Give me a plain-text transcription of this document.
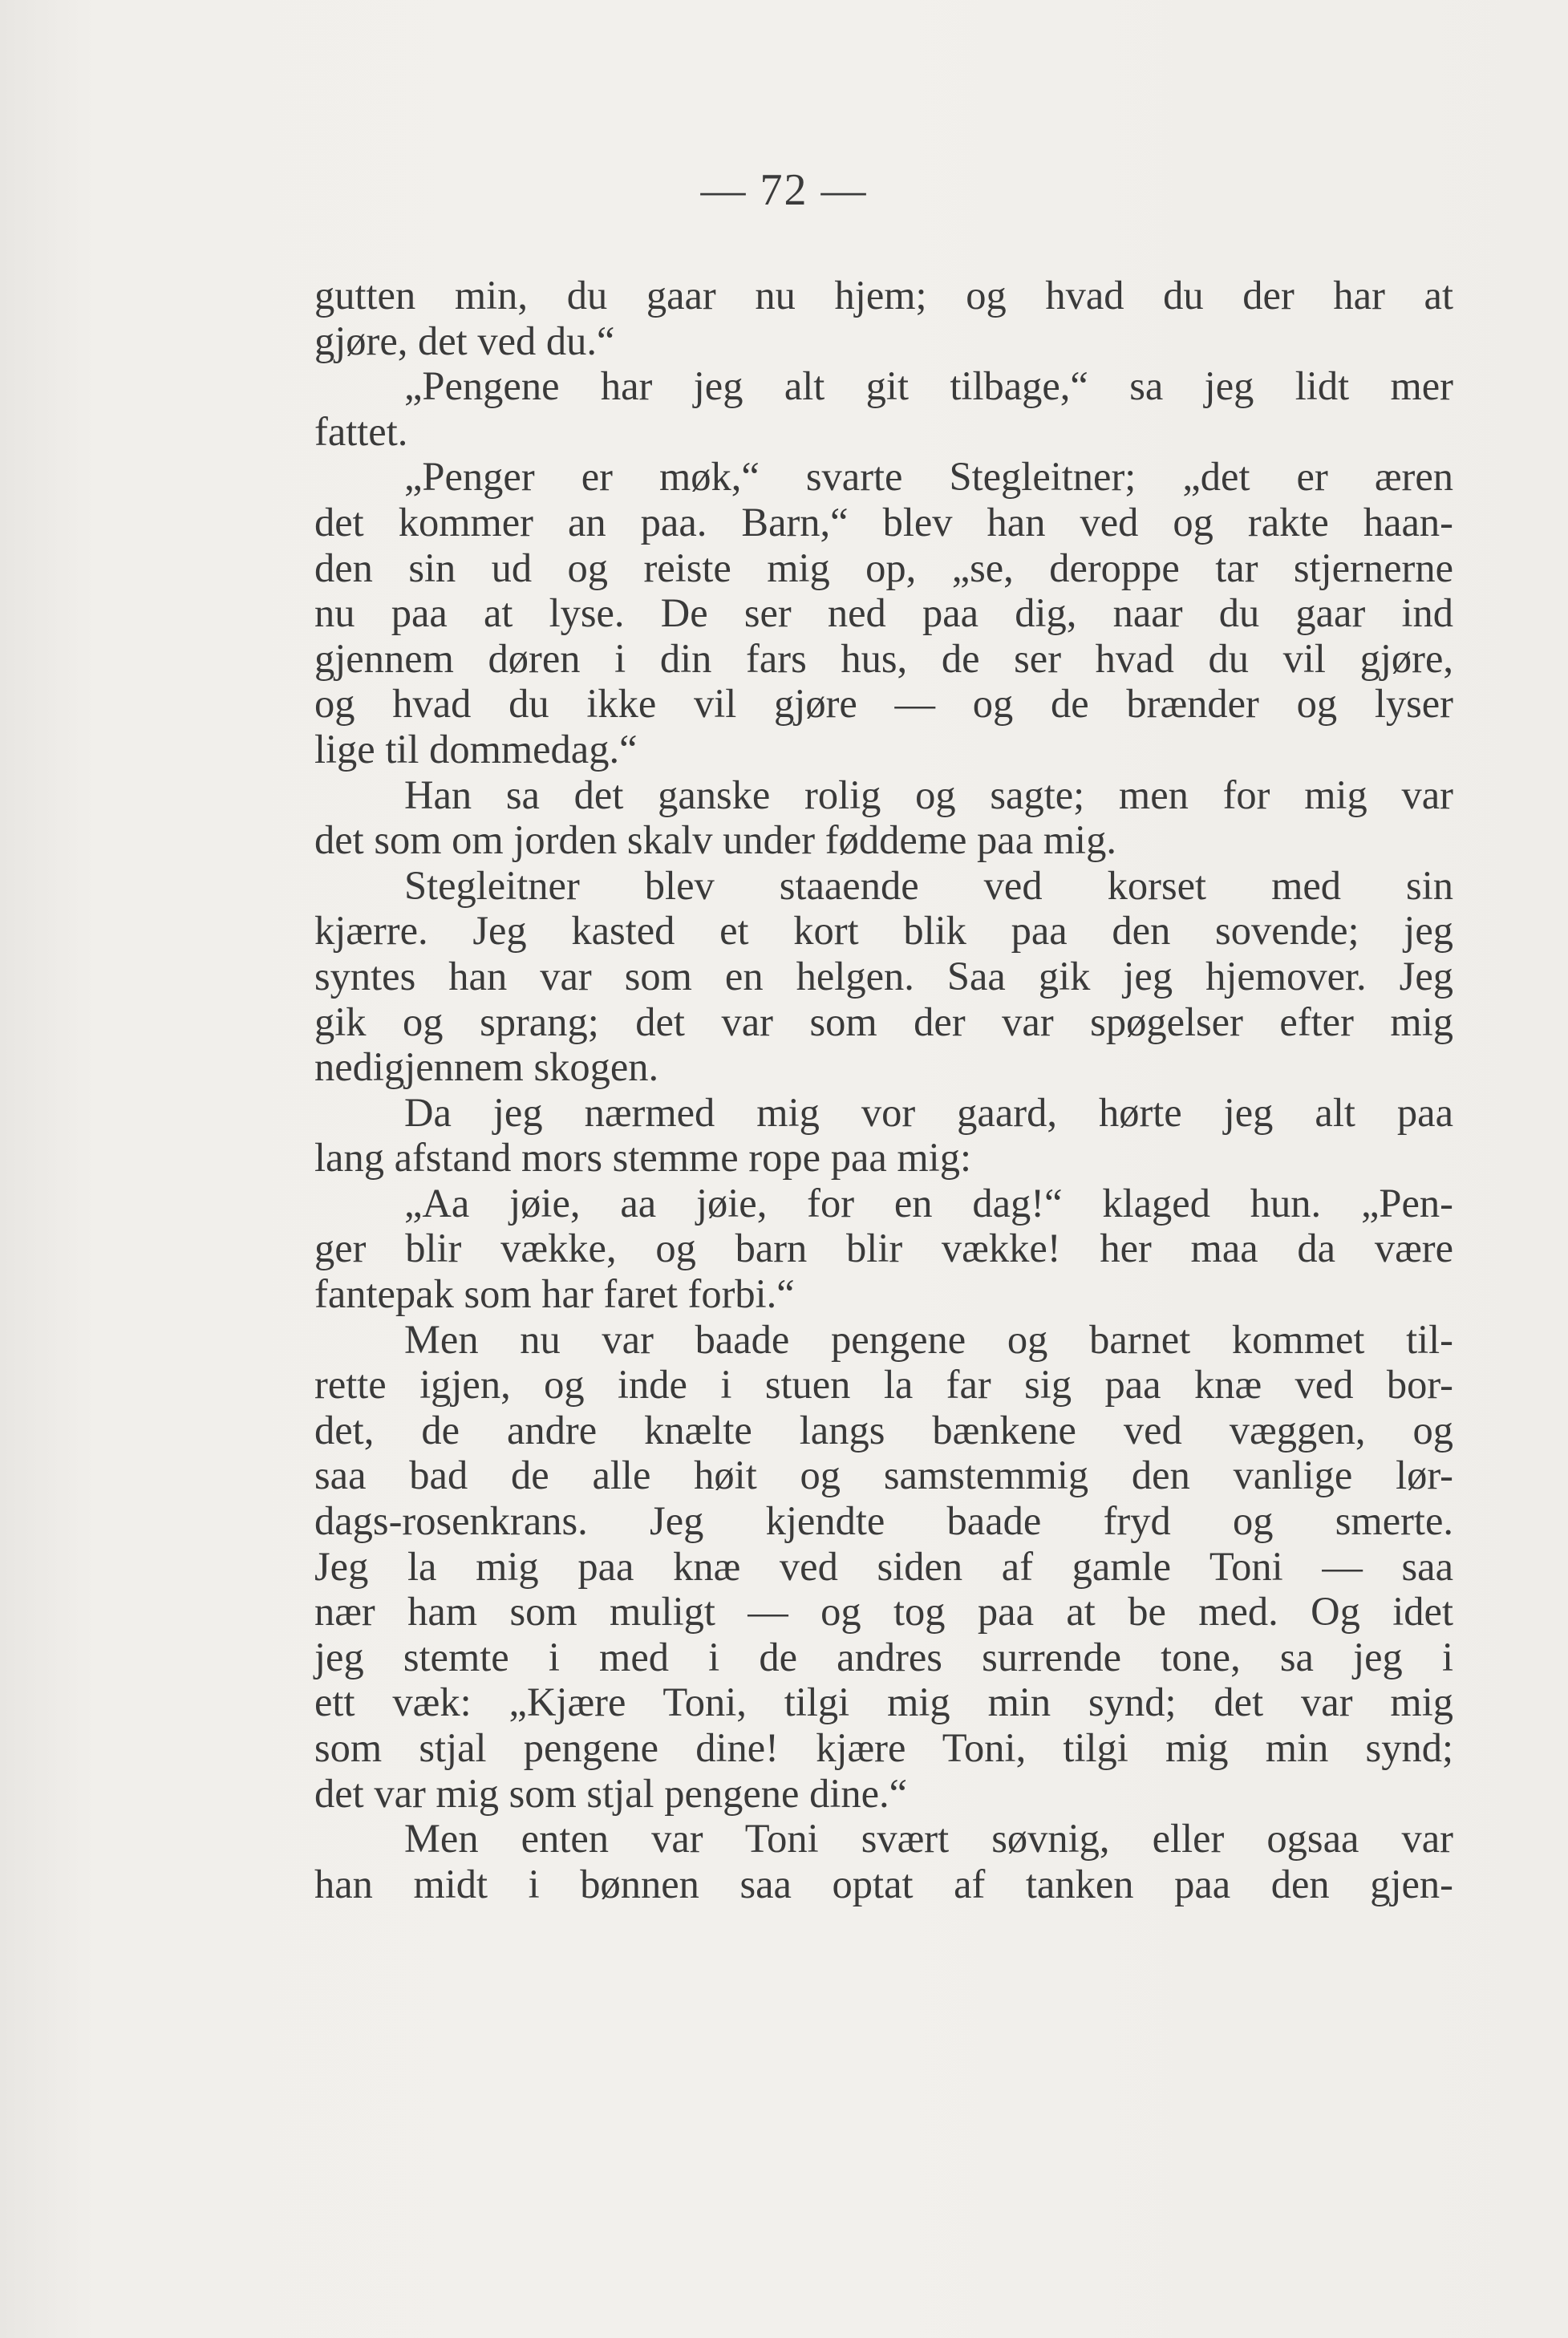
— 72 —
gutten min, du gaar nu hjem; og hvad du der har at
gjøre, det ved du.“
„Pengene har jeg alt git tilbage,“ sa jeg lidt mer
fattet.
„Penger er møk,“ svarte Stegleitner; „det er æren
det kommer an paa. Barn,“ blev han ved og rakte haan-
den sin ud og reiste mig op, „se, deroppe tar stjernerne
nu paa at lyse. De ser ned paa dig, naar du gaar ind
gjennem døren i din fars hus, de ser hvad du vil gjøre,
og hvad du ikke vil gjøre — og de brænder og lyser
lige til dommedag.“
Han sa det ganske rolig og sagte; men for mig var
det som om jorden skalv under føddeme paa mig.
Stegleitner blev staaende ved korset med sin
kjærre. Jeg kasted et kort blik paa den sovende; jeg
syntes han var som en helgen. Saa gik jeg hjemover. Jeg
gik og sprang; det var som der var spøgelser efter mig
nedigjennem skogen.
Da jeg nærmed mig vor gaard, hørte jeg alt paa
lang afstand mors stemme rope paa mig:
„Aa jøie, aa jøie, for en dag!“ klaged hun. „Pen-
ger blir vække, og barn blir vække! her maa da være
fantepak som har faret forbi.“
Men nu var baade pengene og barnet kommet til-
rette igjen, og inde i stuen la far sig paa knæ ved bor-
det, de andre knælte langs bænkene ved væggen, og
saa bad de alle høit og samstemmig den vanlige lør-
dags-rosenkrans. Jeg kjendte baade fryd og smerte.
Jeg la mig paa knæ ved siden af gamle Toni — saa
nær ham som muligt — og tog paa at be med. Og idet
jeg stemte i med i de andres surrende tone, sa jeg i
ett væk: „Kjære Toni, tilgi mig min synd; det var mig
som stjal pengene dine! kjære Toni, tilgi mig min synd;
det var mig som stjal pengene dine.“
Men enten var Toni svært søvnig, eller ogsaa var
han midt i bønnen saa optat af tanken paa den gjen-
